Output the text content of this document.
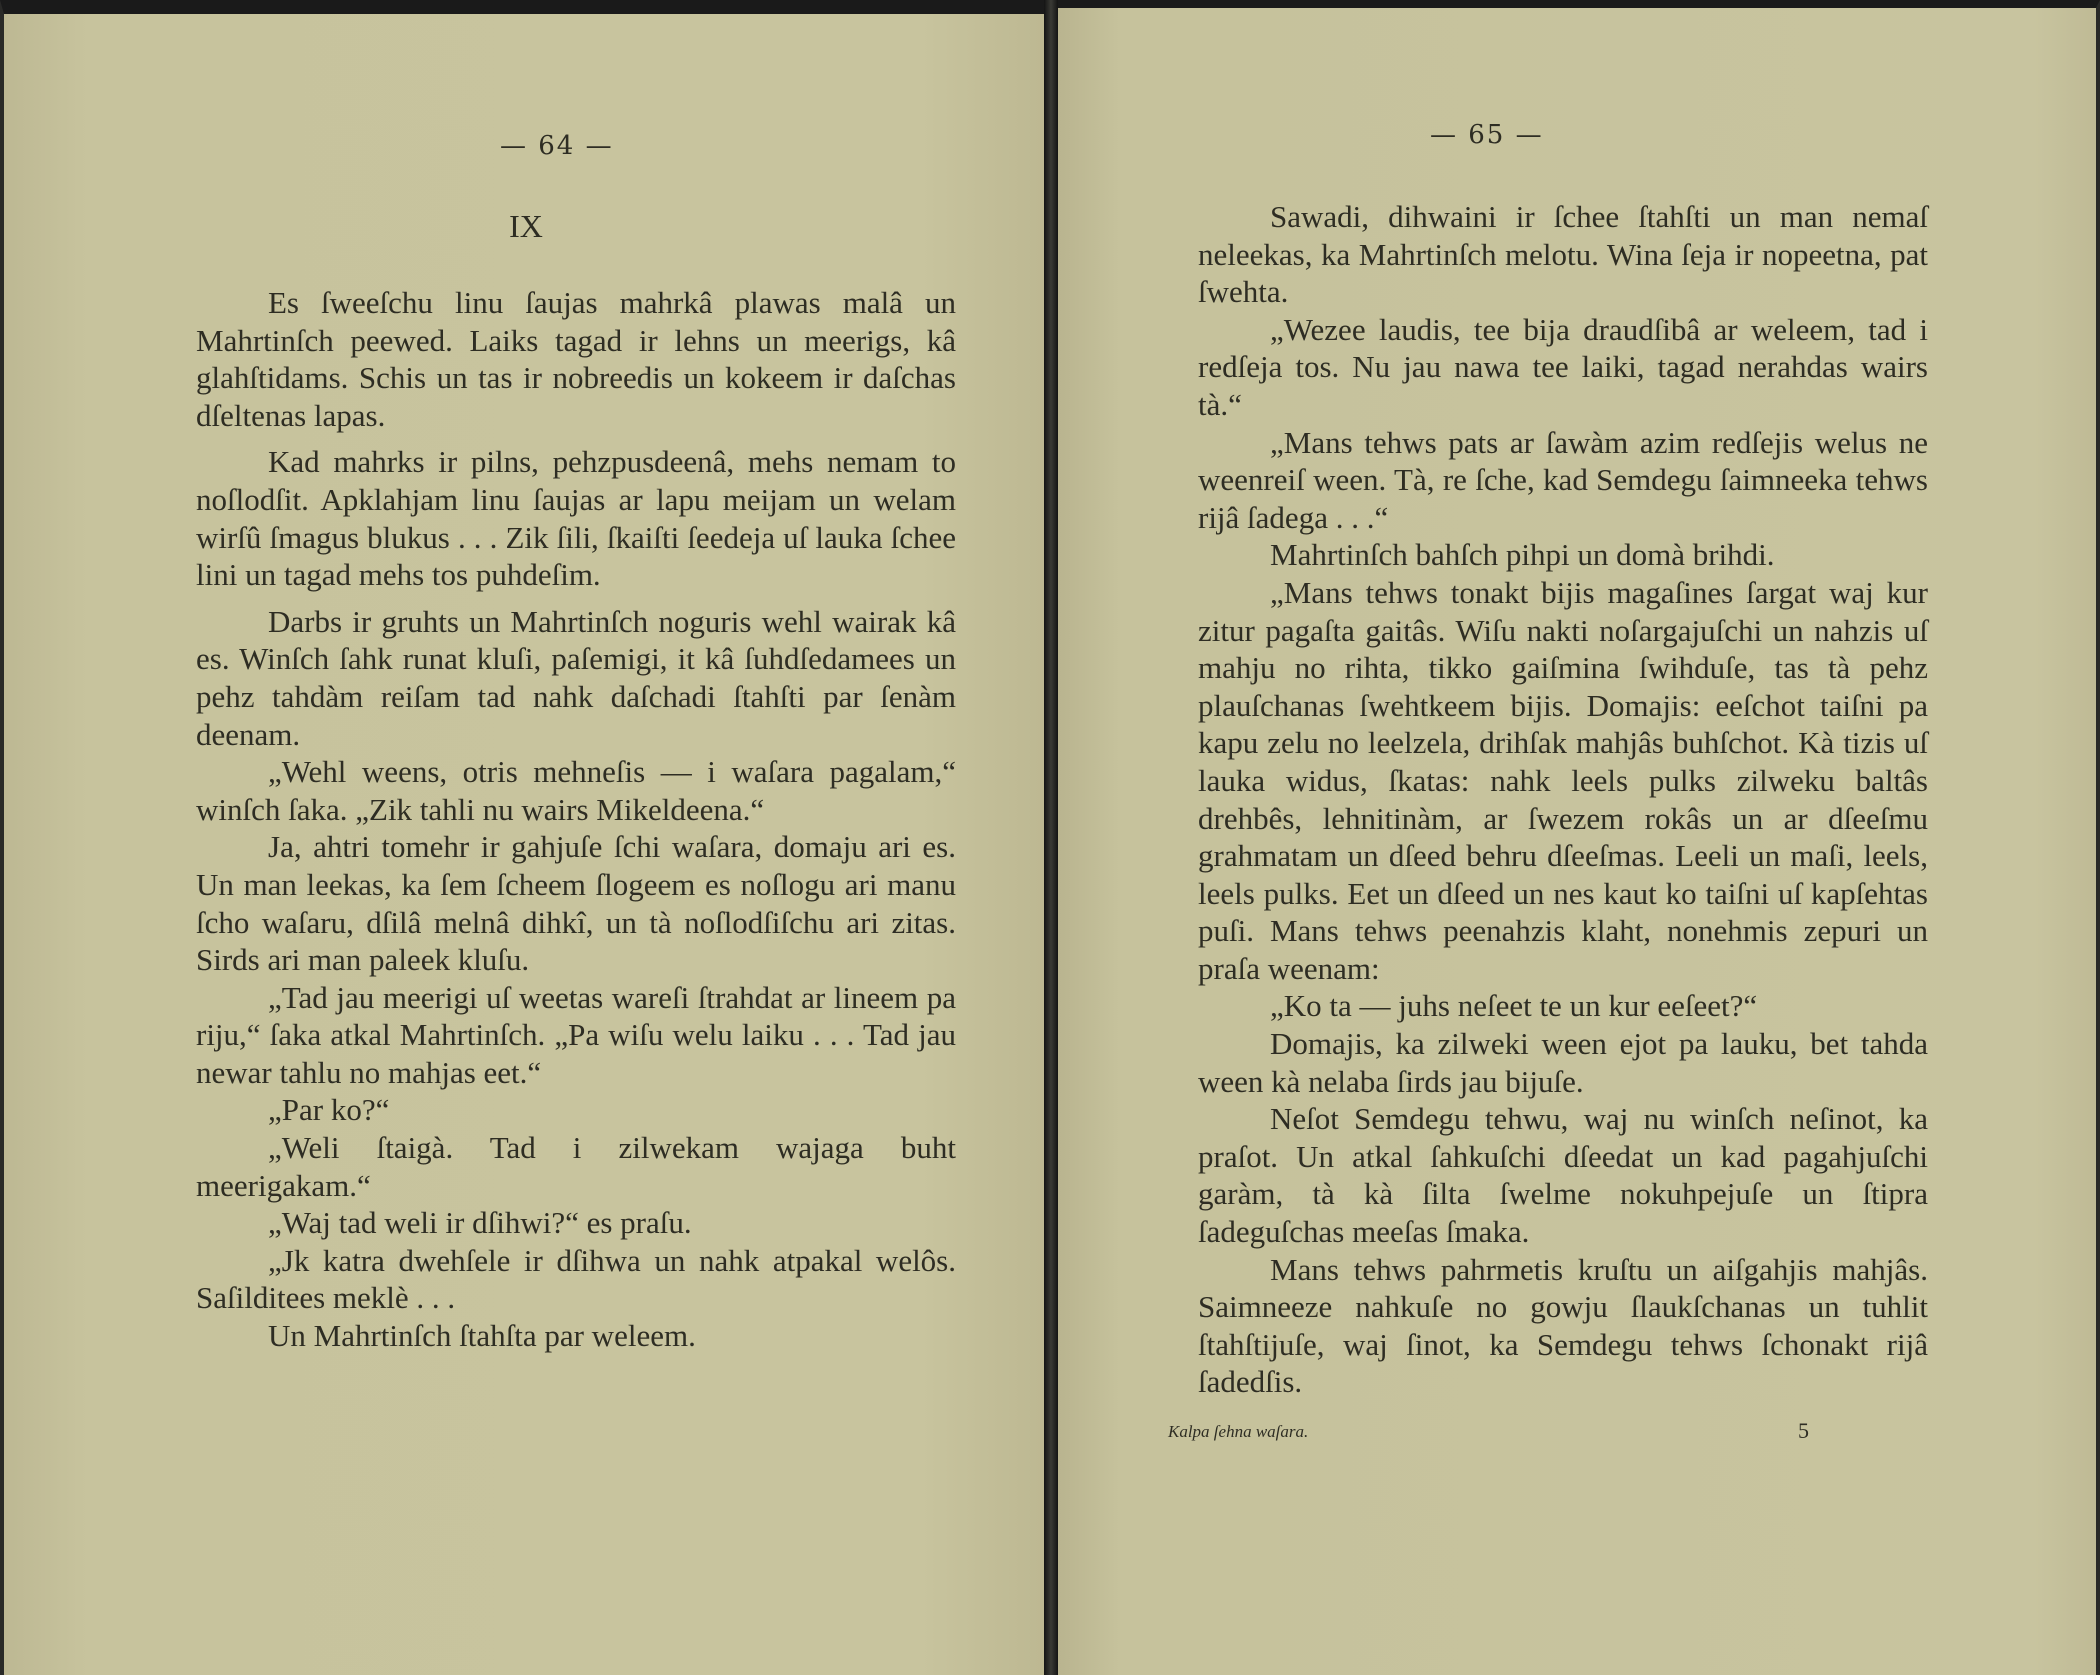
— 64 —
IX

Es ſweeſchu linu ſaujas mahrkâ plawas malâ un Mahrtinſch peewed. Laiks tagad ir lehns un meerigs, kâ glahſtidams. Schis un tas ir nobreedis un kokeem ir daſchas dſeltenas lapas.

Kad mahrks ir pilns, pehzpusdeenâ, mehs nemam to noſlodſit. Apklahjam linu ſaujas ar lapu meijam un welam wirſû ſmagus blukus . . . Zik ſili, ſkaiſti ſeedeja uſ lauka ſchee lini un tagad mehs tos puhdeſim.

Darbs ir gruhts un Mahrtinſch noguris wehl wairak kâ es. Winſch ſahk runat kluſi, paſemigi, it kâ ſuhdſedamees un pehz tahdàm reiſam tad nahk daſchadi ſtahſti par ſenàm deenam.

„Wehl weens, otris mehneſis — i waſara pagalam,“ winſch ſaka. „Zik tahli nu wairs Mikeldeena.“

Ja, ahtri tomehr ir gahjuſe ſchi waſara, domaju ari es. Un man leekas, ka ſem ſcheem ſlogeem es noſlogu ari manu ſcho waſaru, dſilâ melnâ dihkî, un tà noſlodſiſchu ari zitas. Sirds ari man paleek kluſu.

„Tad jau meerigi uſ weetas wareſi ſtrahdat ar lineem pa riju,“ ſaka atkal Mahrtinſch. „Pa wiſu welu laiku . . . Tad jau newar tahlu no mahjas eet.“

„Par ko?“

„Weli ſtaigà. Tad i zilwekam wajaga buht meerigakam.“

„Waj tad weli ir dſihwi?“ es praſu.

„Jk katra dwehſele ir dſihwa un nahk atpakal welôs. Saſilditees meklè . . .

Un Mahrtinſch ſtahſta par weleem.

— 65 —

Sawadi, dihwaini ir ſchee ſtahſti un man nemaſ neleekas, ka Mahrtinſch melotu. Wina ſeja ir nopeetna, pat ſwehta.

„Wezee laudis, tee bija draudſibâ ar weleem, tad i redſeja tos. Nu jau nawa tee laiki, tagad nerahdas wairs tà.“

„Mans tehws pats ar ſawàm azim redſejis welus ne weenreiſ ween. Tà, re ſche, kad Semdegu ſaimneeka tehws rijâ ſadega . . .“

Mahrtinſch bahſch pihpi un domà brihdi.

„Mans tehws tonakt bijis magaſines ſargat waj kur zitur pagaſta gaitâs. Wiſu nakti noſargajuſchi un nahzis uſ mahju no rihta, tikko gaiſmina ſwihduſe, tas tà pehz plauſchanas ſwehtkeem bijis. Domajis: eeſchot taiſni pa kapu zelu no leelzela, drihſak mahjâs buhſchot. Kà tizis uſ lauka widus, ſkatas: nahk leels pulks zilweku baltâs drehbês, lehnitinàm, ar ſwezem rokâs un ar dſeeſmu grahmatam un dſeed behru dſeeſmas. Leeli un maſi, leels, leels pulks. Eet un dſeed un nes kaut ko taiſni uſ kapſehtas puſi. Mans tehws peenahzis klaht, nonehmis zepuri un praſa weenam:

„Ko ta — juhs neſeet te un kur eeſeet?“

Domajis, ka zilweki ween ejot pa lauku, bet tahda ween kà nelaba ſirds jau bijuſe.

Neſot Semdegu tehwu, waj nu winſch neſinot, ka praſot. Un atkal ſahkuſchi dſeedat un kad pagahjuſchi garàm, tà kà ſilta ſwelme nokuhpejuſe un ſtipra ſadeguſchas meeſas ſmaka.

Mans tehws pahrmetis kruſtu un aiſgahjis mahjâs. Saimneeze nahkuſe no gowju ſlaukſchanas un tuhlit ſtahſtijuſe, waj ſinot, ka Semdegu tehws ſchonakt rijâ ſadedſis.

Kalpa ſehna waſara.	5
